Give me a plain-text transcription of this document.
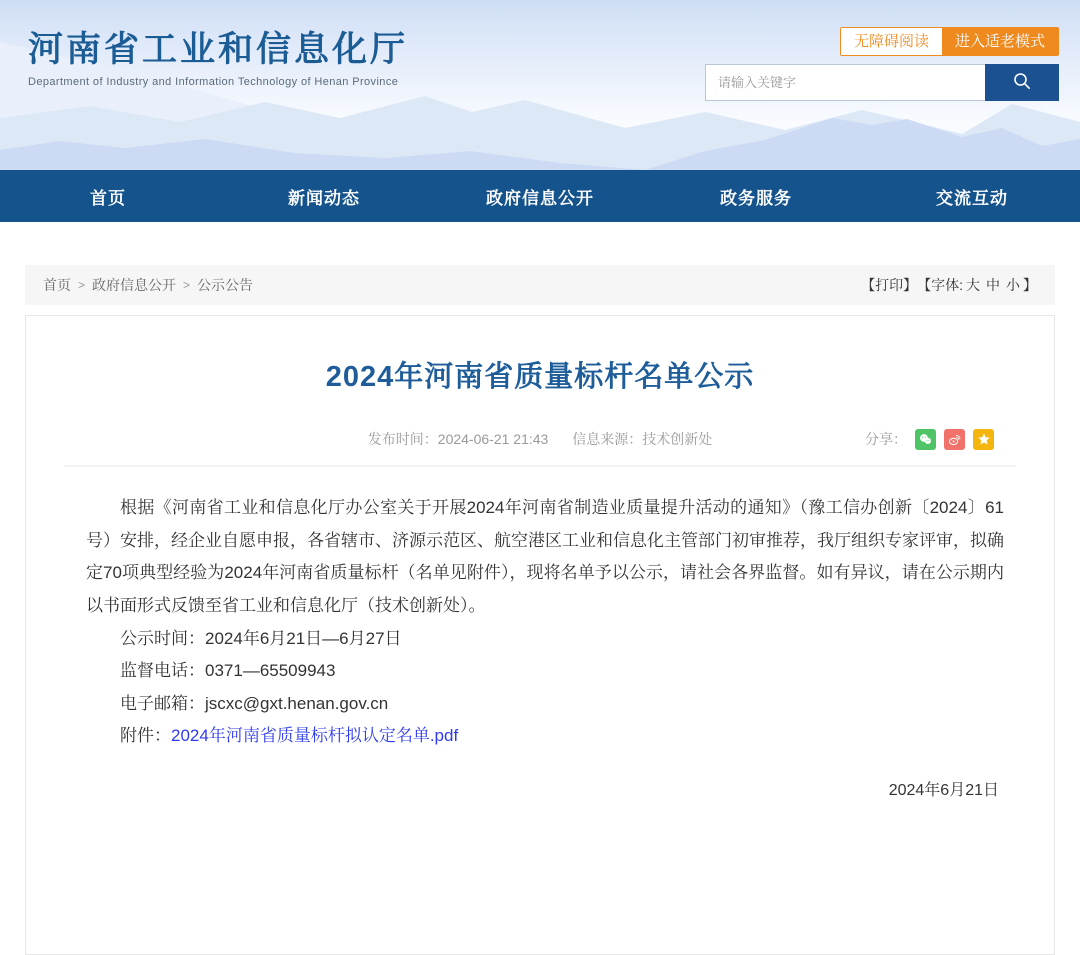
河南省工业和信息化厅
Department of Industry and Information Technology of Henan Province
无障碍阅读	进入适老模式
请输入关键字
首页	新闻动态	政府信息公开	政务服务	交流互动
首页 > 政府信息公开 > 公示公告	【打印】 【字体: 大 中 小 】
2024年河南省质量标杆名单公示
发布时间：2024-06-21 21:43 信息来源：技术创新处	分享：

根据《河南省工业和信息化厅办公室关于开展2024年河南省制造业质量提升活动的通知》（豫工信办创新〔2024〕61号）安排，经企业自愿申报，各省辖市、济源示范区、航空港区工业和信息化主管部门初审推荐，我厅组织专家评审，拟确定70项典型经验为2024年河南省质量标杆（名单见附件），现将名单予以公示，请社会各界监督。如有异议，请在公示期内以书面形式反馈至省工业和信息化厅（技术创新处）。

公示时间：2024年6月21日—6月27日
监督电话：0371—65509943
电子邮箱：jscxc@gxt.henan.gov.cn
附件：2024年河南省质量标杆拟认定名单.pdf
2024年6月21日
